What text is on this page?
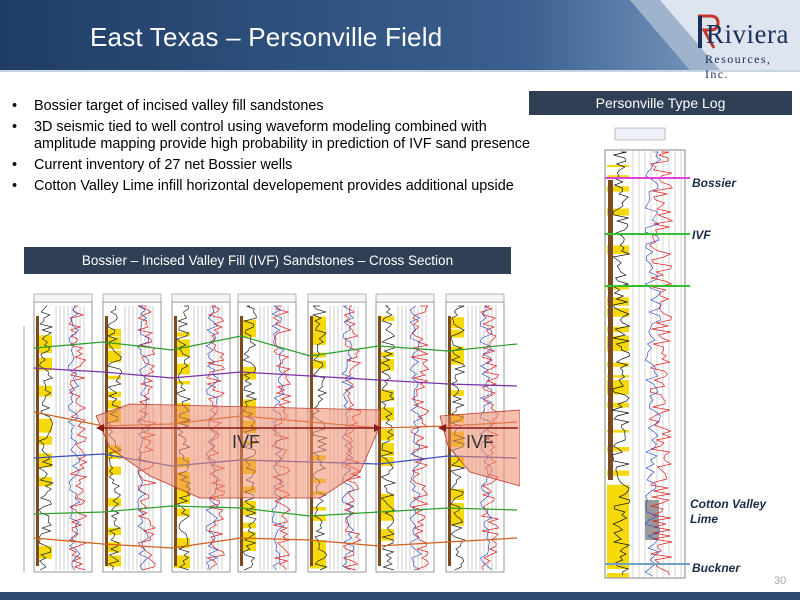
East Texas – Personville Field	Riviera
Resources, Inc.
• Bossier target of incised valley fill sandstones
• 3D seismic tied to well control using waveform modeling combined with amplitude mapping provide high probability in prediction of IVF sand presence
• Current inventory of 27 net Bossier wells
• Cotton Valley Lime infill horizontal developement provides additional upside
Personville Type Log
Bossier – Incised Valley Fill (IVF) Sandstones – Cross Section
IVF	IVF
Bossier
IVF
Cotton Valley Lime
Buckner
30
